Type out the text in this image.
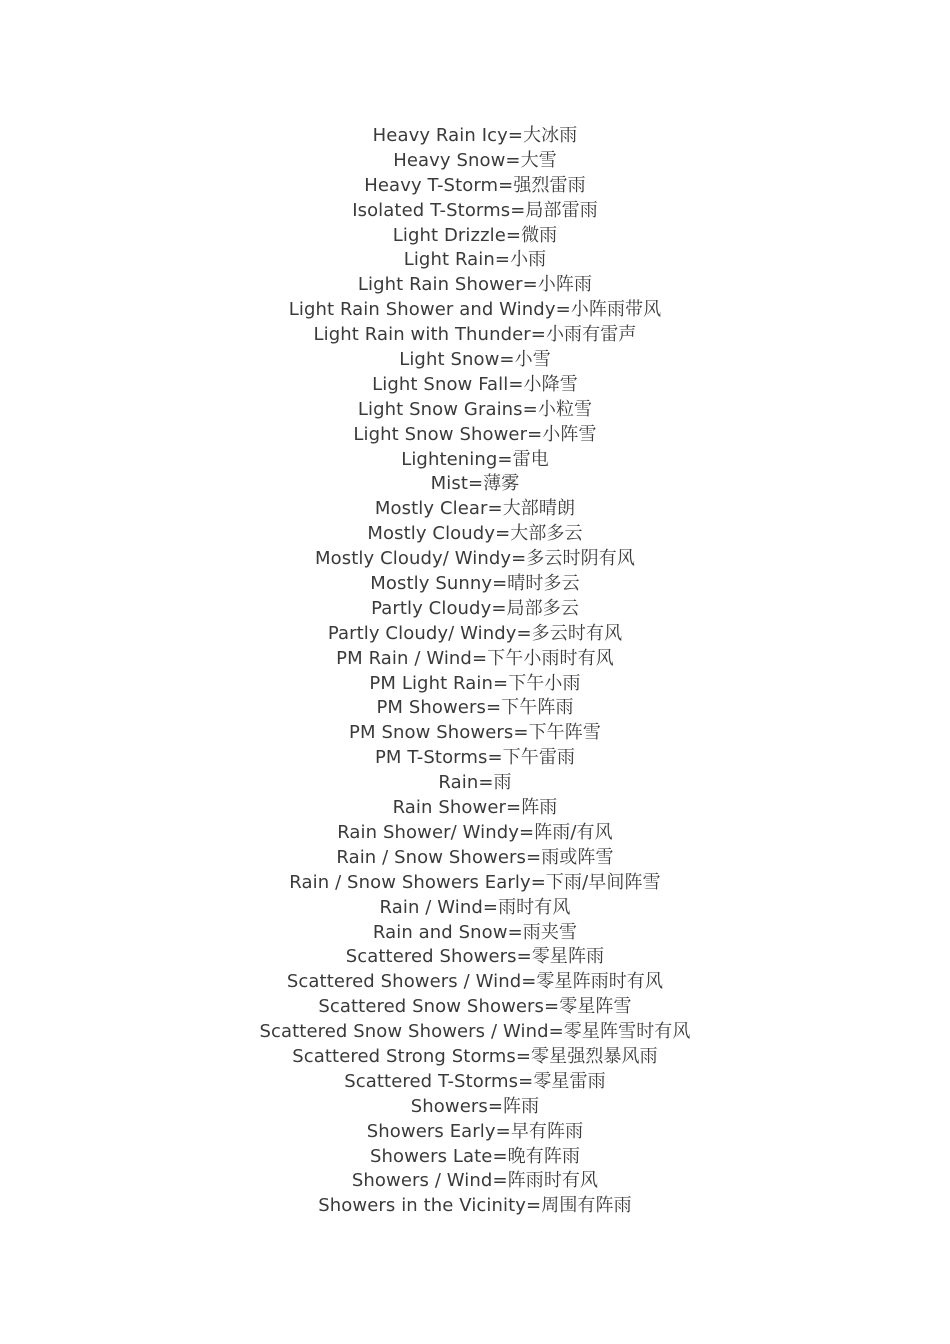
Heavy Rain Icy=大冰雨
Heavy Snow=大雪
Heavy T-Storm=强烈雷雨
Isolated T-Storms=局部雷雨
Light Drizzle=微雨
Light Rain=小雨
Light Rain Shower=小阵雨
Light Rain Shower and Windy=小阵雨带风
Light Rain with Thunder=小雨有雷声
Light Snow=小雪
Light Snow Fall=小降雪
Light Snow Grains=小粒雪
Light Snow Shower=小阵雪
Lightening=雷电
Mist=薄雾
Mostly Clear=大部晴朗
Mostly Cloudy=大部多云
Mostly Cloudy/ Windy=多云时阴有风
Mostly Sunny=晴时多云
Partly Cloudy=局部多云
Partly Cloudy/ Windy=多云时有风
PM Rain / Wind=下午小雨时有风
PM Light Rain=下午小雨
PM Showers=下午阵雨
PM Snow Showers=下午阵雪
PM T-Storms=下午雷雨
Rain=雨
Rain Shower=阵雨
Rain Shower/ Windy=阵雨/有风
Rain / Snow Showers=雨或阵雪
Rain / Snow Showers Early=下雨/早间阵雪
Rain / Wind=雨时有风
Rain and Snow=雨夹雪
Scattered Showers=零星阵雨
Scattered Showers / Wind=零星阵雨时有风
Scattered Snow Showers=零星阵雪
Scattered Snow Showers / Wind=零星阵雪时有风
Scattered Strong Storms=零星强烈暴风雨
Scattered T-Storms=零星雷雨
Showers=阵雨
Showers Early=早有阵雨
Showers Late=晚有阵雨
Showers / Wind=阵雨时有风
Showers in the Vicinity=周围有阵雨
